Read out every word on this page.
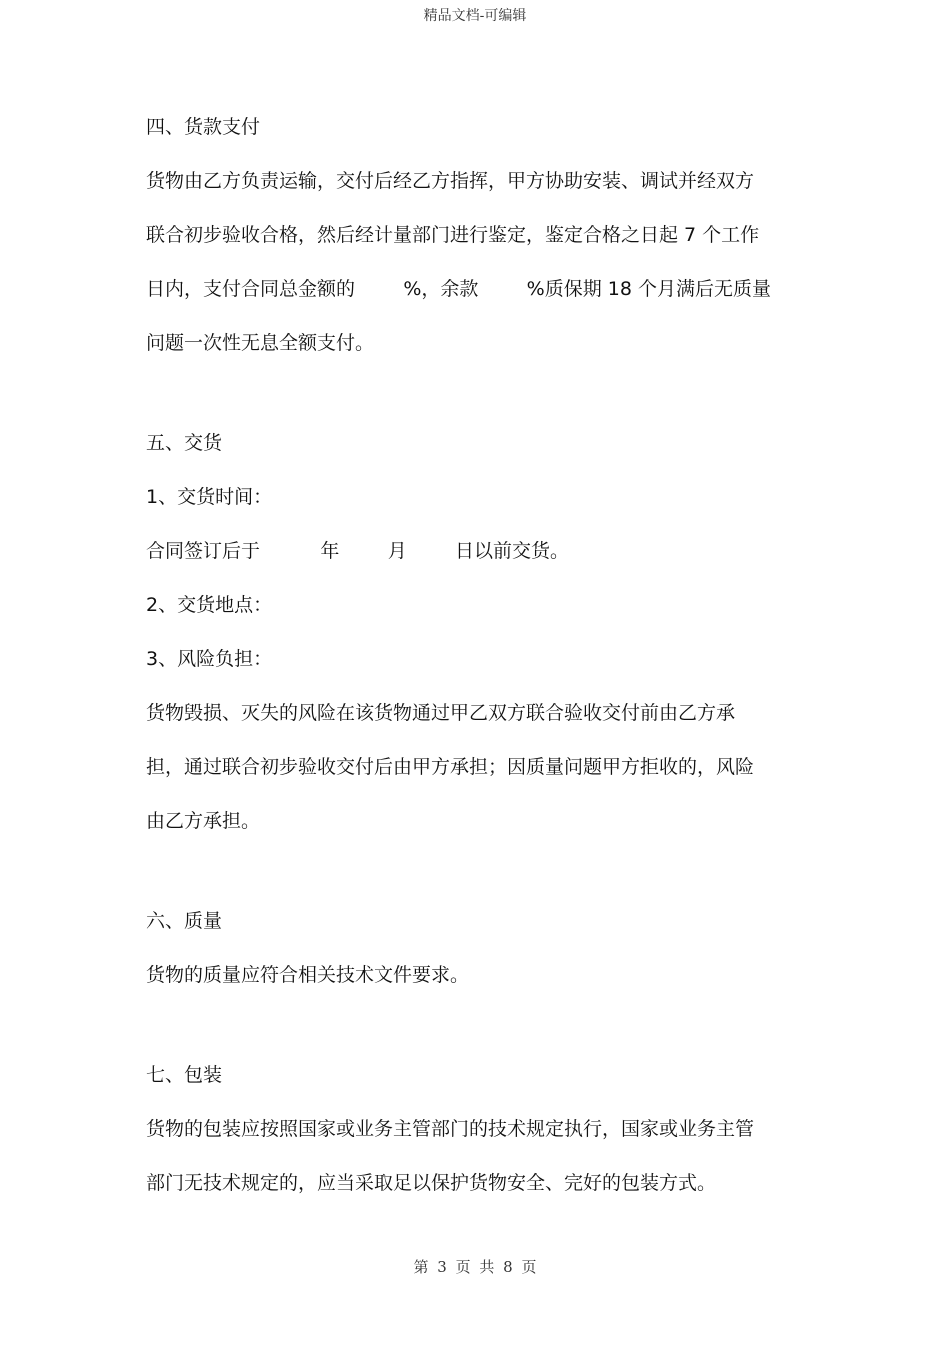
精品文档-可编辑
四、货款支付
货物由乙方负责运输，交付后经乙方指挥，甲方协助安装、调试并经双方
联合初步验收合格，然后经计量部门进行鉴定，鉴定合格之日起 7 个工作
日内，支付合同总金额的        %，余款        %质保期 18 个月满后无质量
问题一次性无息全额支付。
五、交货
1、交货时间：
合同签订后于          年        月        日以前交货。
2、交货地点：
3、风险负担：
货物毁损、灭失的风险在该货物通过甲乙双方联合验收交付前由乙方承
担，通过联合初步验收交付后由甲方承担；因质量问题甲方拒收的，风险
由乙方承担。
六、质量
货物的质量应符合相关技术文件要求。
七、包装
货物的包装应按照国家或业务主管部门的技术规定执行，国家或业务主管
部门无技术规定的，应当采取足以保护货物安全、完好的包装方式。
第 3 页 共 8 页
